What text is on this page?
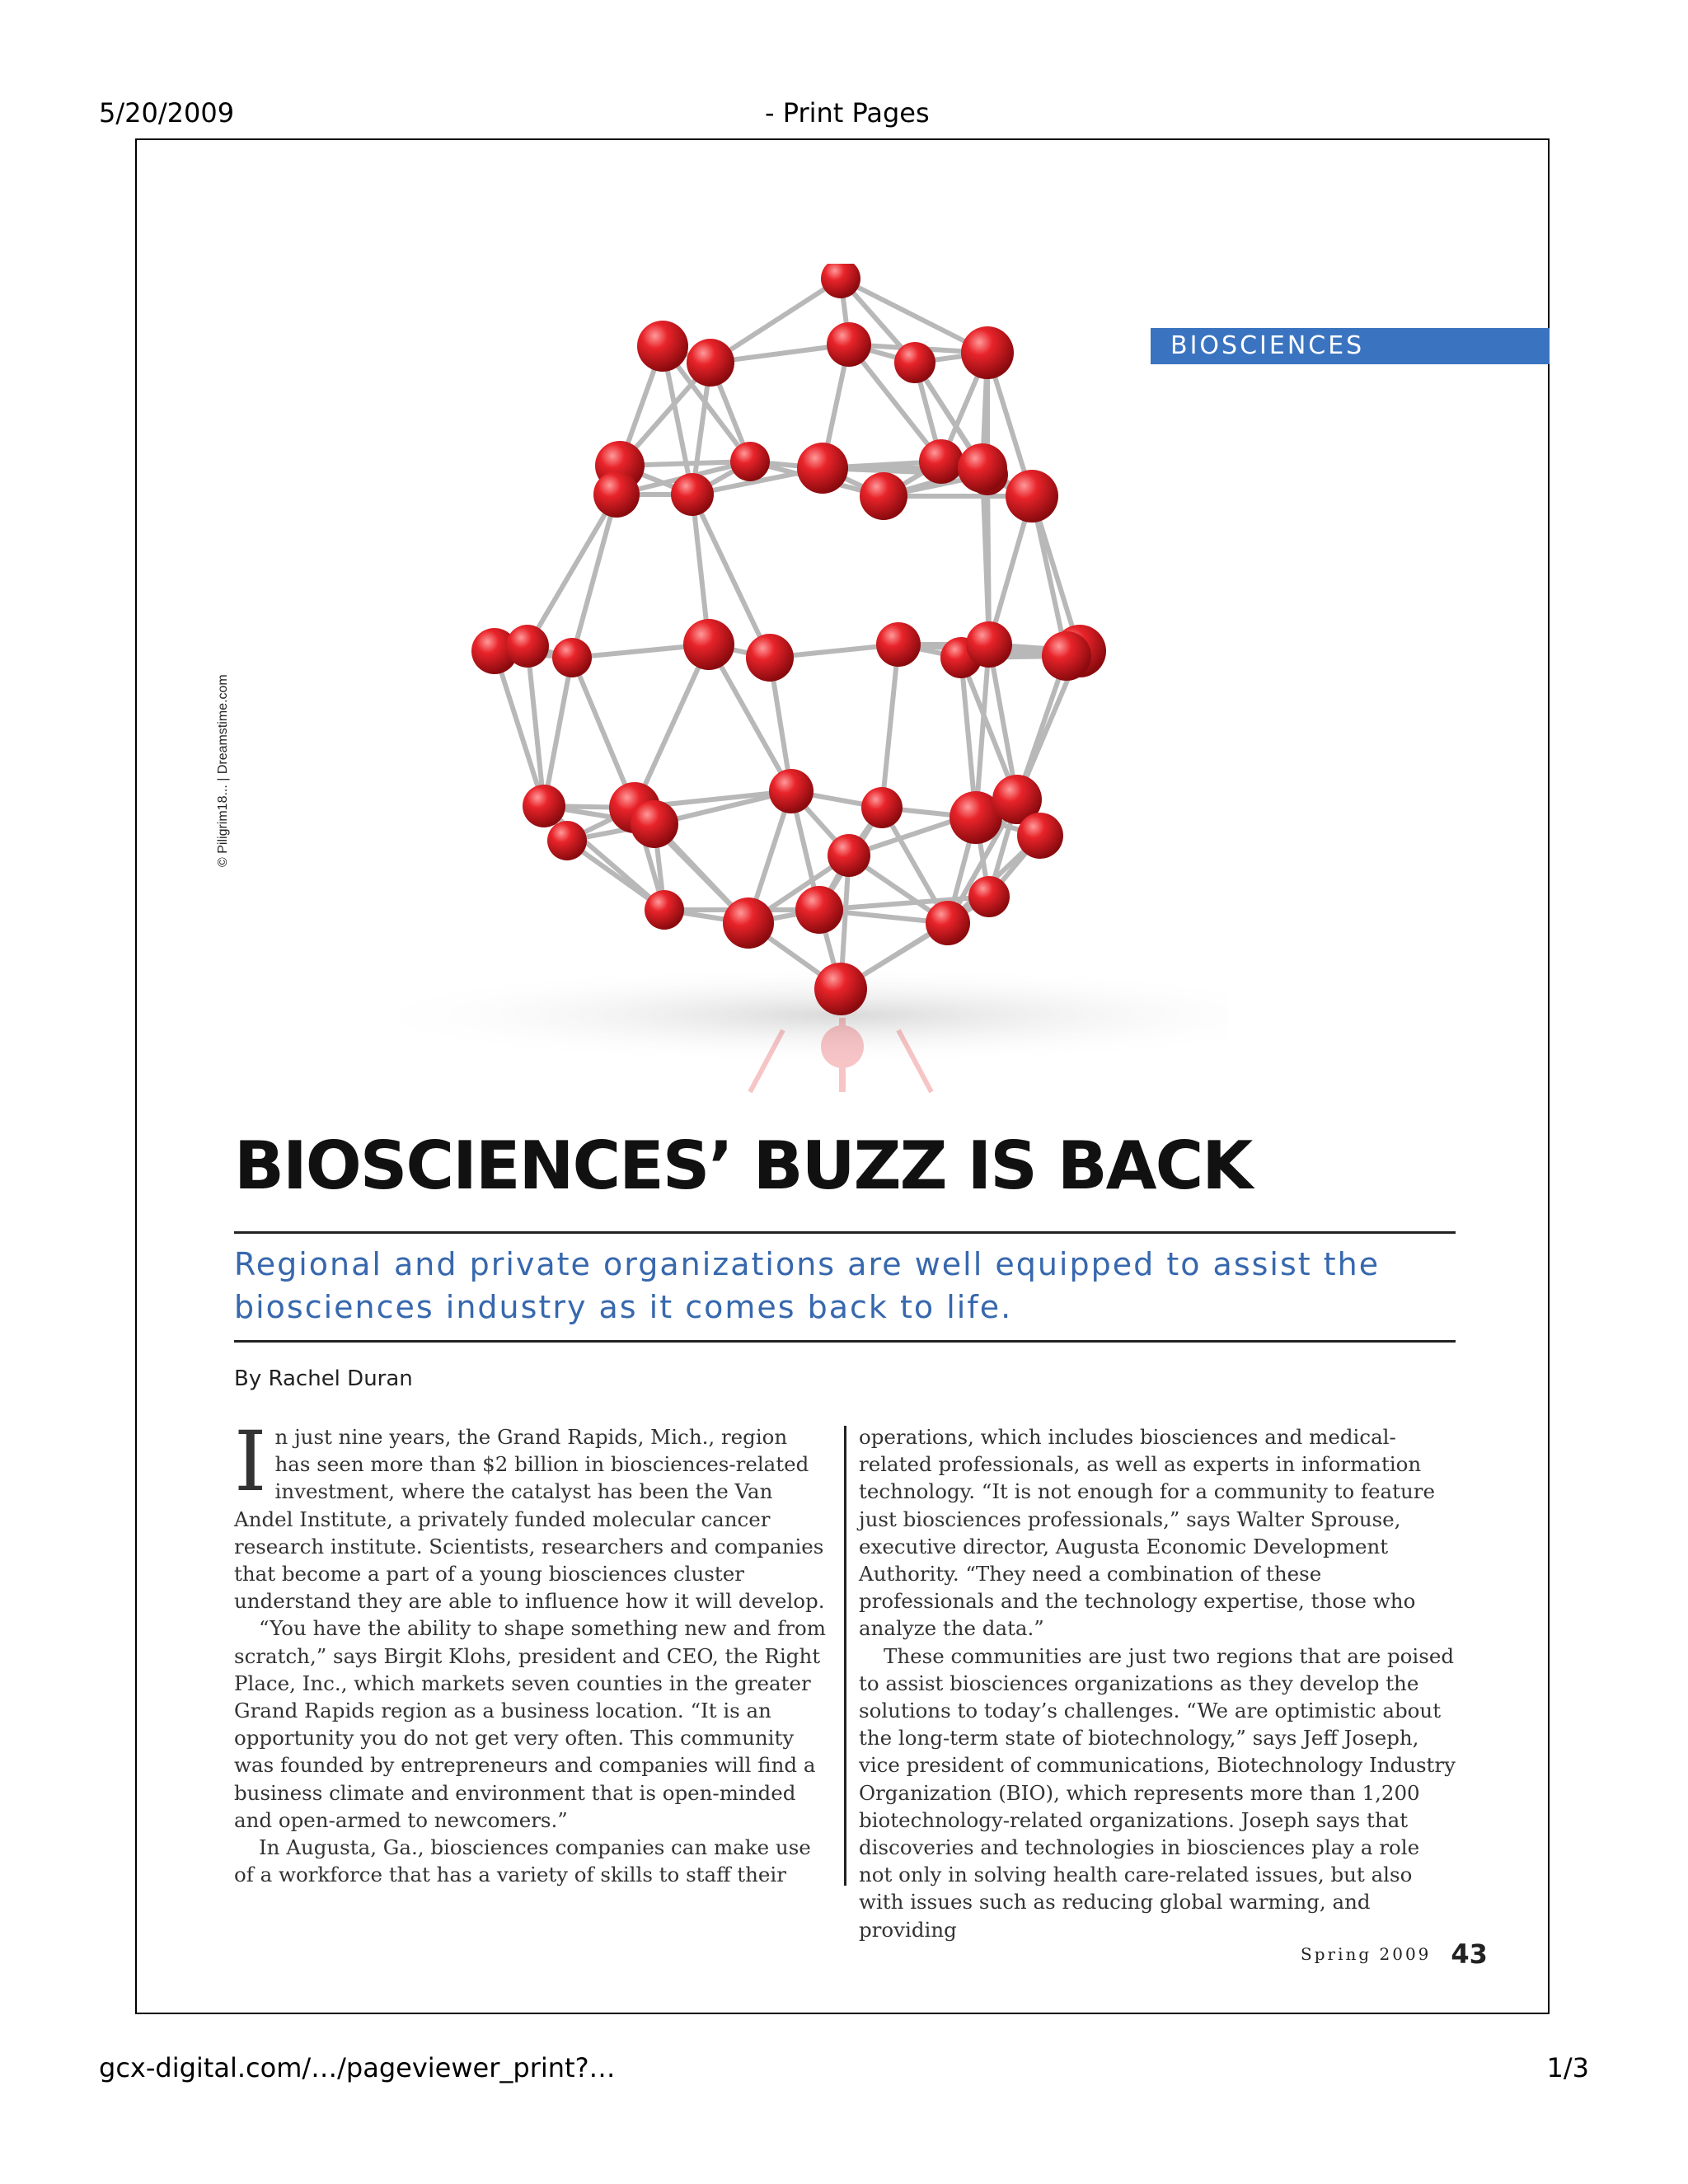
5/20/2009	- Print Pages
© Piligrim18... | Dreamstime.com
BIOSCIENCES
BIOSCIENCES’ BUZZ IS BACK
Regional and private organizations are well equipped to assist the
biosciences industry as it comes back to life.
By Rachel Duran
I n just nine years, the Grand Rapids, Mich., region has seen more than $2 billion in biosciences-related investment, where the catalyst has been the Van Andel Institute, a privately funded molecular cancer research institute. Scientists, researchers and companies that become a part of a young biosciences cluster understand they are able to influence how it will develop.

“You have the ability to shape something new and from scratch,” says Birgit Klohs, president and CEO, the Right Place, Inc., which markets seven counties in the greater Grand Rapids region as a business location. “It is an opportunity you do not get very often. This community was founded by entrepreneurs and companies will find a business climate and environment that is open-minded and open-armed to newcomers.”

In Augusta, Ga., biosciences companies can make use of a workforce that has a variety of skills to staff their

operations, which includes biosciences and medical-related professionals, as well as experts in information technology. “It is not enough for a community to feature just biosciences professionals,” says Walter Sprouse, executive director, Augusta Economic Development Authority. “They need a combination of these professionals and the technology expertise, those who analyze the data.”

These communities are just two regions that are poised to assist biosciences organizations as they develop the solutions to today’s challenges. “We are optimistic about the long-term state of biotechnology,” says Jeff Joseph, vice president of communications, Biotechnology Industry Organization (BIO), which represents more than 1,200 biotechnology-related organizations. Joseph says that discoveries and technologies in biosciences play a role not only in solving health care-related issues, but also with issues such as reducing global warming, and providing

Spring 2009 43
gcx-digital.com/…/pageviewer_print?…	1/3
